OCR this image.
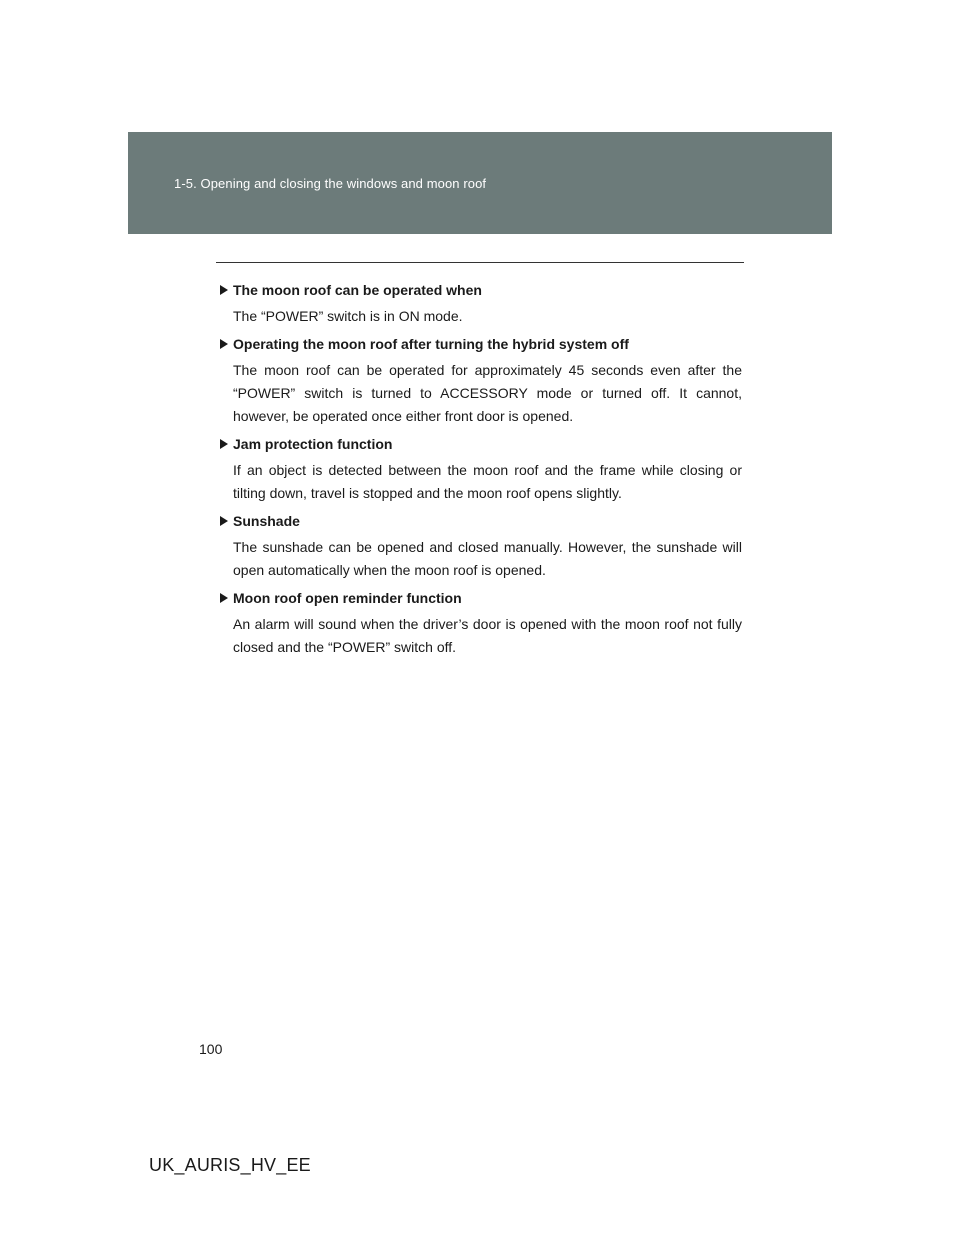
1-5. Opening and closing the windows and moon roof
The moon roof can be operated when
The “POWER” switch is in ON mode.
Operating the moon roof after turning the hybrid system off
The moon roof can be operated for approximately 45 seconds even after the “POWER” switch is turned to ACCESSORY mode or turned off. It cannot, however, be operated once either front door is opened.
Jam protection function
If an object is detected between the moon roof and the frame while closing or tilting down, travel is stopped and the moon roof opens slightly.
Sunshade
The sunshade can be opened and closed manually. However, the sunshade will open automatically when the moon roof is opened.
Moon roof open reminder function
An alarm will sound when the driver’s door is opened with the moon roof not fully closed and the “POWER” switch off.
100
UK_AURIS_HV_EE
